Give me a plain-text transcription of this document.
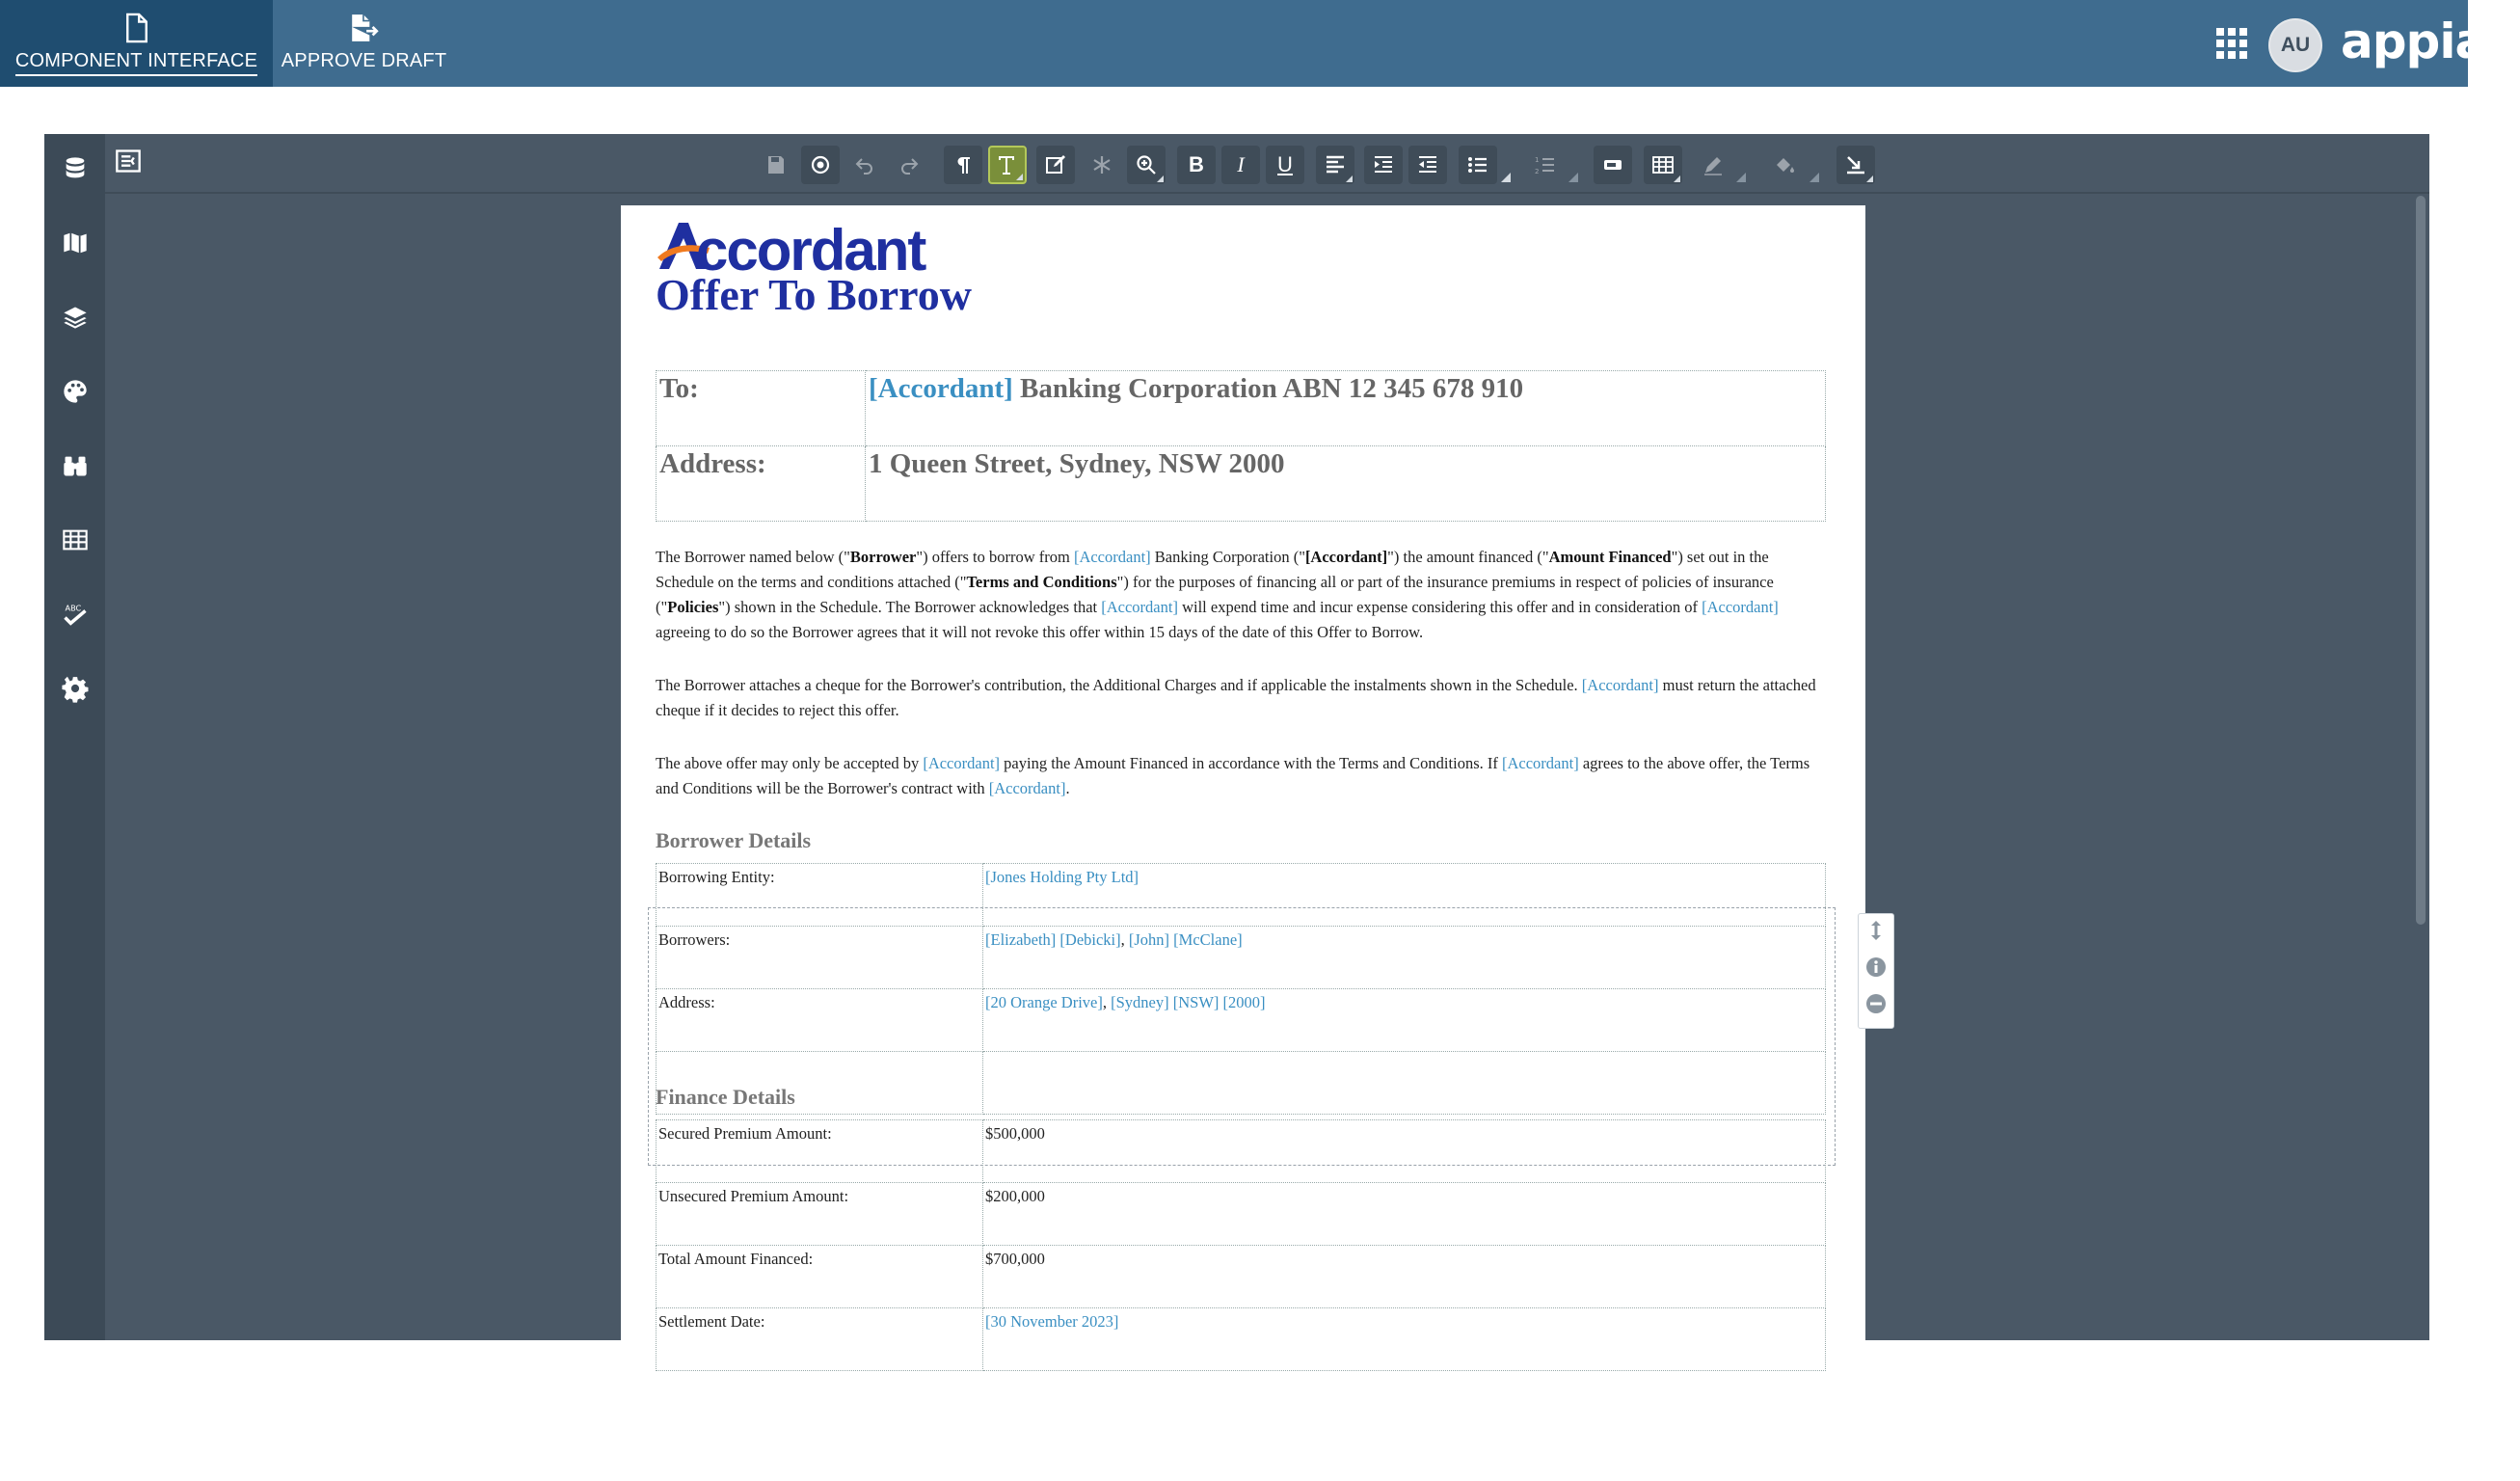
COMPONENT INTERFACE	APPROVE DRAFT
AU appian
ABC
B	I	U	1
2
ccordant
Offer To Borrow
To:	[Accordant] Banking Corporation ABN 12 345 678 910
Address:	1 Queen Street, Sydney, NSW 2000
The Borrower named below ("Borrower") offers to borrow from [Accordant] Banking Corporation ("[Accordant]") the amount financed ("Amount Financed") set out in the Schedule on the terms and conditions attached ("Terms and Conditions") for the purposes of financing all or part of the insurance premiums in respect of policies of insurance ("Policies") shown in the Schedule. The Borrower acknowledges that [Accordant] will expend time and incur expense considering this offer and in consideration of [Accordant] agreeing to do so the Borrower agrees that it will not revoke this offer within 15 days of the date of this Offer to Borrow.
The Borrower attaches a cheque for the Borrower's contribution, the Additional Charges and if applicable the instalments shown in the Schedule. [Accordant] must return the attached cheque if it decides to reject this offer.
The above offer may only be accepted by [Accordant] paying the Amount Financed in accordance with the Terms and Conditions. If [Accordant] agrees to the above offer, the Terms and Conditions will be the Borrower's contract with [Accordant].
Borrower Details
Borrowing Entity:	[Jones Holding Pty Ltd]
Borrowers:	[Elizabeth] [Debicki], [John] [McClane]
Address:	[20 Orange Drive], [Sydney] [NSW] [2000]

Finance Details
Secured Premium Amount:	$500,000
Unsecured Premium Amount:	$200,000
Total Amount Financed:	$700,000
Settlement Date:	[30 November 2023]
